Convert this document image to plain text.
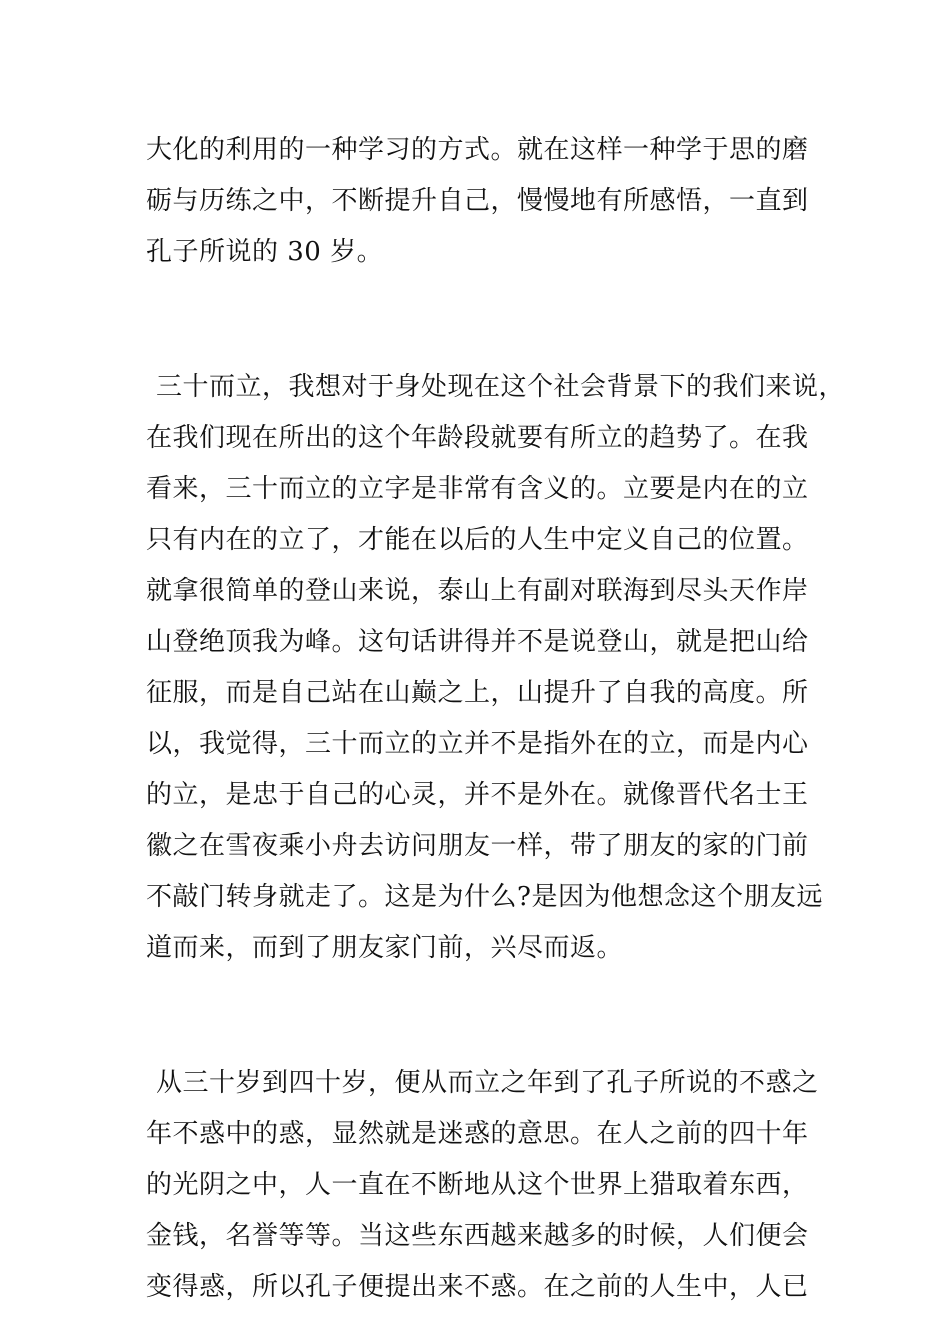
大化的利用的一种学习的方式。就在这样一种学于思的磨
砺与历练之中，不断提升自己，慢慢地有所感悟，一直到
孔子所说的 30 岁。
三十而立，我想对于身处现在这个社会背景下的我们来说，
在我们现在所出的这个年龄段就要有所立的趋势了。在我
看来，三十而立的立字是非常有含义的。立要是内在的立
只有内在的立了，才能在以后的人生中定义自己的位置。
就拿很简单的登山来说，泰山上有副对联海到尽头天作岸
山登绝顶我为峰。这句话讲得并不是说登山，就是把山给
征服，而是自己站在山巅之上，山提升了自我的高度。所
以，我觉得，三十而立的立并不是指外在的立，而是内心
的立，是忠于自己的心灵，并不是外在。就像晋代名士王
徽之在雪夜乘小舟去访问朋友一样，带了朋友的家的门前
不敲门转身就走了。这是为什么?是因为他想念这个朋友远
道而来，而到了朋友家门前，兴尽而返。
从三十岁到四十岁，便从而立之年到了孔子所说的不惑之
年不惑中的惑，显然就是迷惑的意思。在人之前的四十年
的光阴之中，人一直在不断地从这个世界上猎取着东西，
金钱，名誉等等。当这些东西越来越多的时候，人们便会
变得惑，所以孔子便提出来不惑。在之前的人生中，人已
